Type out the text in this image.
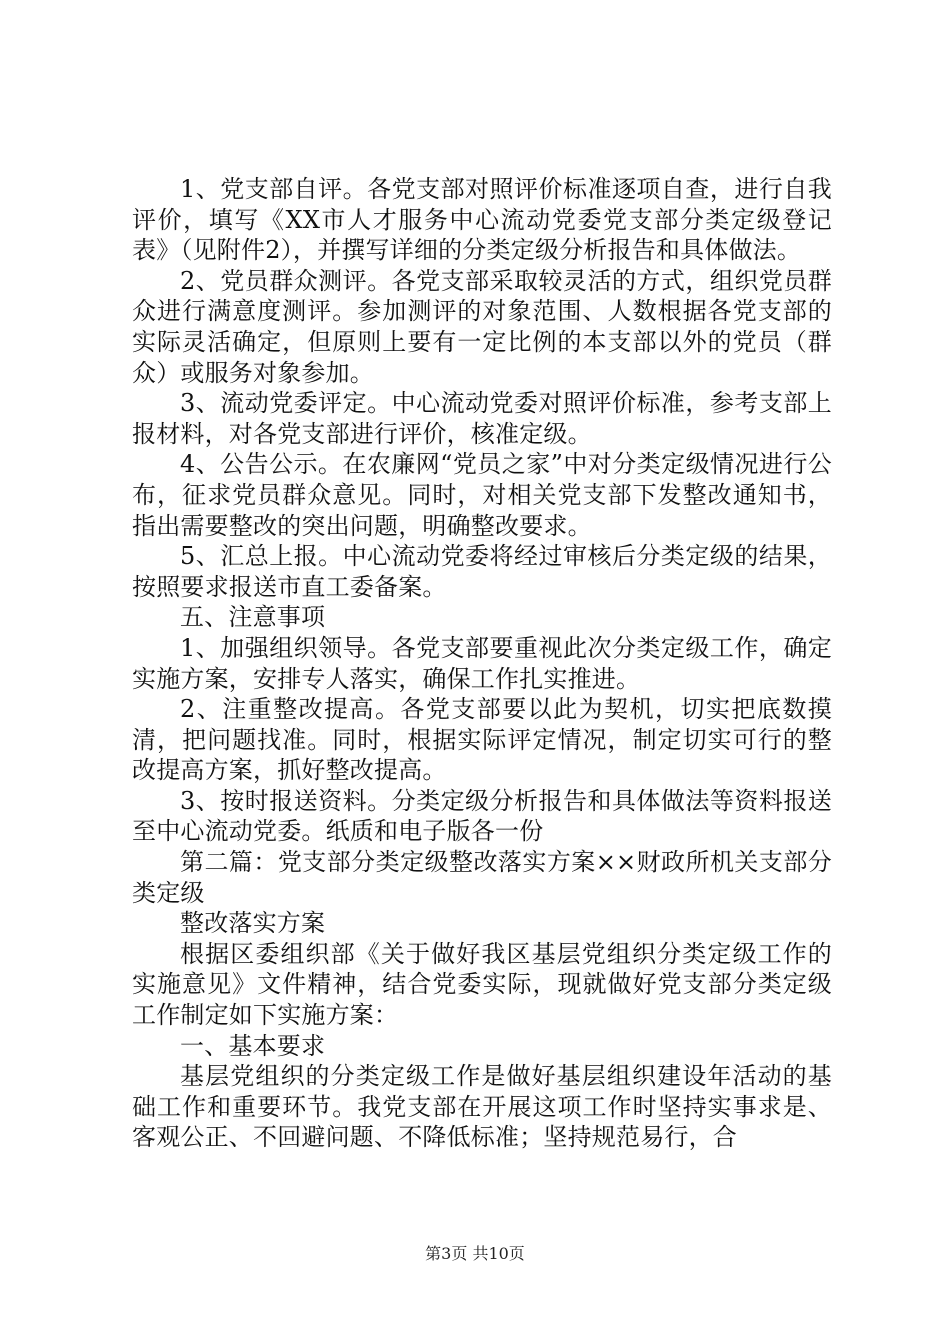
1、党支部自评。各党支部对照评价标准逐项自查，进行自我评价，填写《XX市人才服务中心流动党委党支部分类定级登记表》（见附件2），并撰写详细的分类定级分析报告和具体做法。

2、党员群众测评。各党支部采取较灵活的方式，组织党员群众进行满意度测评。参加测评的对象范围、人数根据各党支部的实际灵活确定，但原则上要有一定比例的本支部以外的党员（群众）或服务对象参加。

3、流动党委评定。中心流动党委对照评价标准，参考支部上报材料，对各党支部进行评价，核准定级。

4、公告公示。在农廉网“党员之家”中对分类定级情况进行公布，征求党员群众意见。同时，对相关党支部下发整改通知书，指出需要整改的突出问题，明确整改要求。

5、汇总上报。中心流动党委将经过审核后分类定级的结果，按照要求报送市直工委备案。

五、注意事项

1、加强组织领导。各党支部要重视此次分类定级工作，确定实施方案，安排专人落实，确保工作扎实推进。

2、注重整改提高。各党支部要以此为契机，切实把底数摸清，把问题找准。同时，根据实际评定情况，制定切实可行的整改提高方案，抓好整改提高。

3、按时报送资料。分类定级分析报告和具体做法等资料报送至中心流动党委。纸质和电子版各一份

第二篇：党支部分类定级整改落实方案××财政所机关支部分类定级

整改落实方案

根据区委组织部《关于做好我区基层党组织分类定级工作的实施意见》文件精神，结合党委实际，现就做好党支部分类定级工作制定如下实施方案：

一、基本要求

基层党组织的分类定级工作是做好基层组织建设年活动的基础工作和重要环节。我党支部在开展这项工作时坚持实事求是、客观公正、不回避问题、不降低标准；坚持规范易行，合

第3页 共10页
